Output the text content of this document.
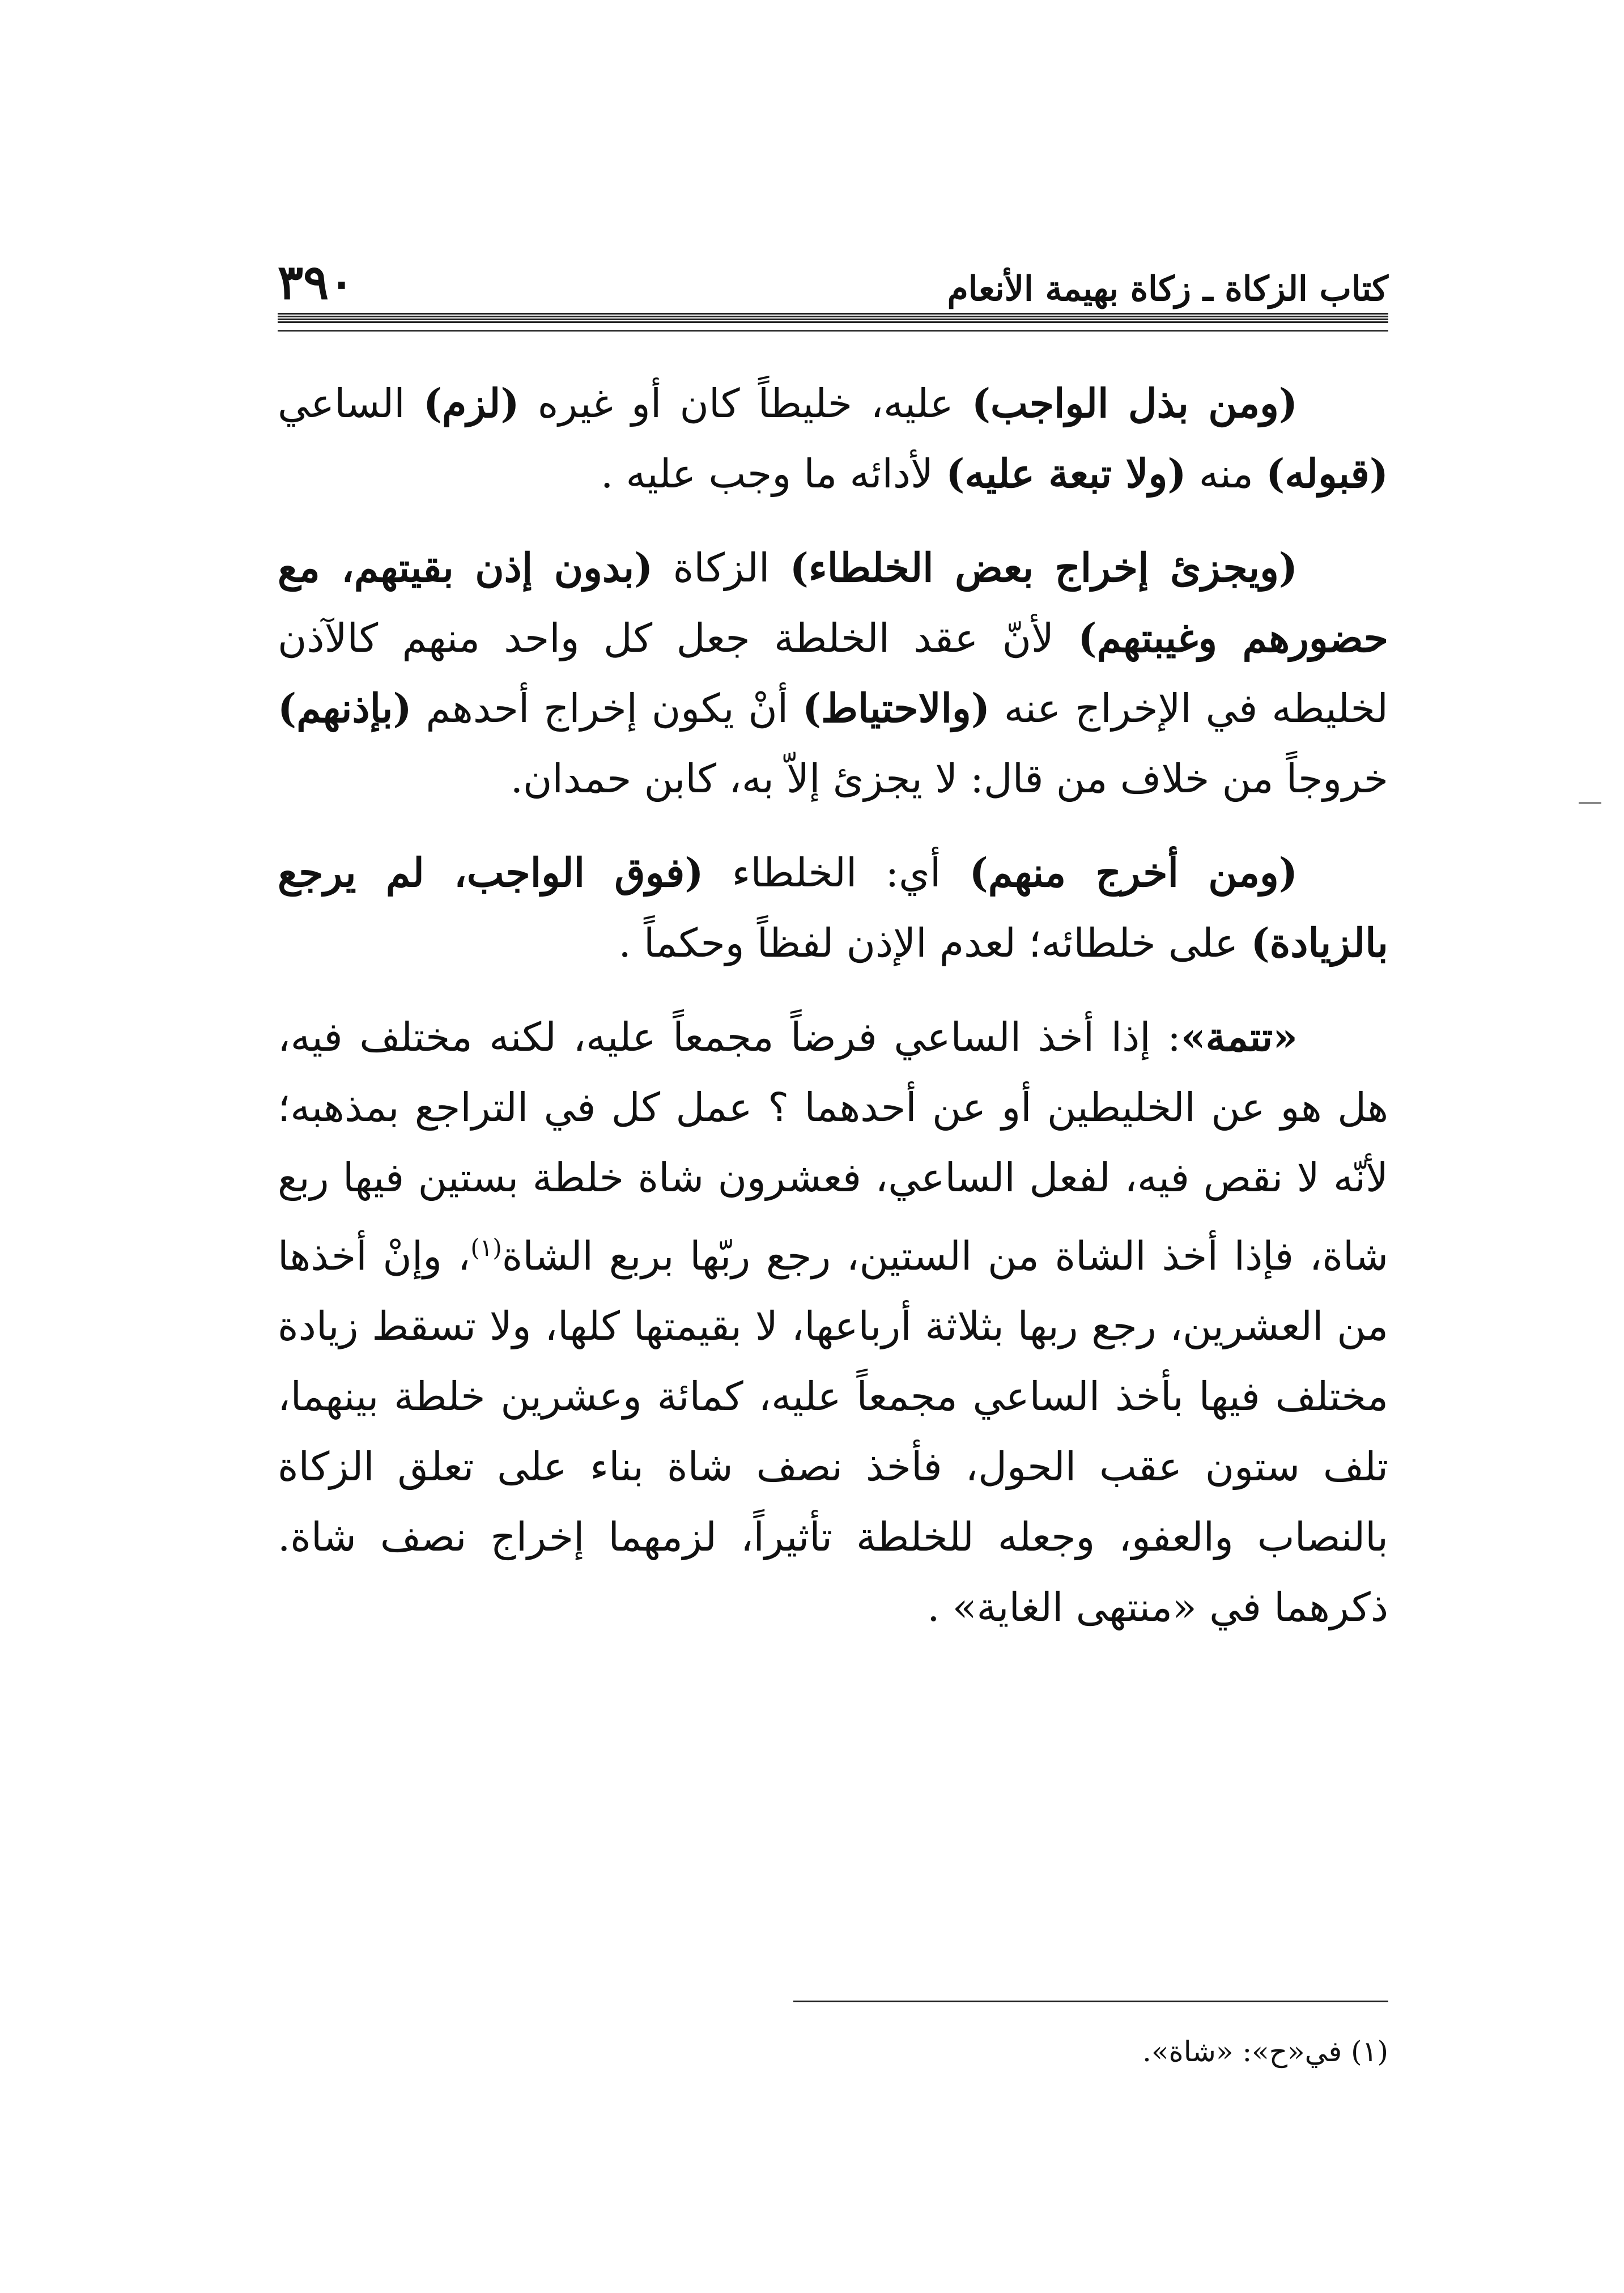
كتاب الزكاة ـ زكاة بهيمة الأنعام
٣٩٠

(ومن بذل الواجب) عليه، خليطاً كان أو غيره (لزم) الساعي (قبوله) منه (ولا تبعة عليه) لأدائه ما وجب عليه .

(ويجزئ إخراج بعض الخلطاء) الزكاة (بدون إذن بقيتهم، مع حضورهم وغيبتهم) لأنّ عقد الخلطة جعل كل واحد منهم كالآذن لخليطه في الإخراج عنه (والاحتياط) أنْ يكون إخراج أحدهم (بإذنهم) خروجاً من خلاف من قال: لا يجزئ إلاّ به، كابن حمدان.

(ومن أخرج منهم) أي: الخلطاء (فوق الواجب، لم يرجع بالزيادة) على خلطائه؛ لعدم الإذن لفظاً وحكماً .

«تتمة»: إذا أخذ الساعي فرضاً مجمعاً عليه، لكنه مختلف فيه، هل هو عن الخليطين أو عن أحدهما ؟ عمل كل في التراجع بمذهبه؛ لأنّه لا نقص فيه، لفعل الساعي، فعشرون شاة خلطة بستين فيها ربع شاة، فإذا أخذ الشاة من الستين، رجع ربّها بربع الشاة$^{(١)}$، وإنْ أخذها من العشرين، رجع ربها بثلاثة أرباعها، لا بقيمتها كلها، ولا تسقط زيادة مختلف فيها بأخذ الساعي مجمعاً عليه، كمائة وعشرين خلطة بينهما، تلف ستون عقب الحول، فأخذ نصف شاة بناء على تعلق الزكاة بالنصاب والعفو، وجعله للخلطة تأثيراً، لزمهما إخراج نصف شاة. ذكرهما في «منتهى الغاية» .

(١) في«ح»: «شاة».
